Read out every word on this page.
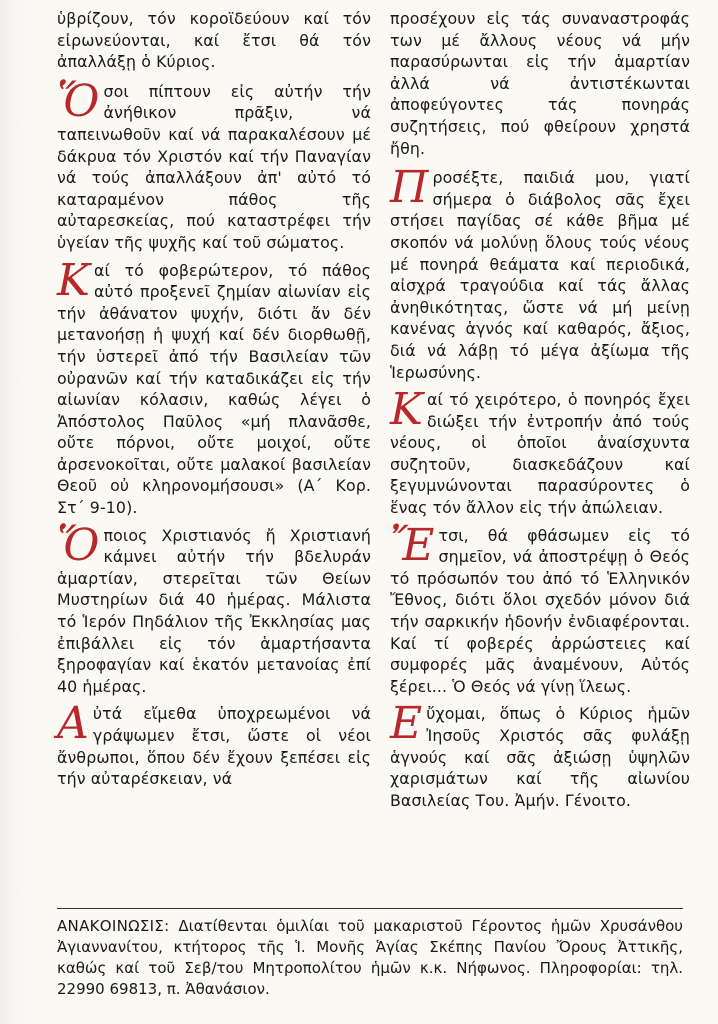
ὑβρίζουν, τόν κοροϊδεύουν καί τόν εἰρωνεύονται, καί ἔτσι θά τόν ἀπαλλάξῃ ὁ Κύριος.

Ὅ σοι πίπτουν εἰς αὐτήν τήν ἀνήθικον πρᾶξιν, νά ταπεινωθοῦν καί νά παρακαλέσουν μέ δάκρυα τόν Χριστόν καί τήν Παναγίαν νά τούς ἀπαλλάξουν ἀπ' αὐτό τό καταραμένον πάθος τῆς αὐταρεσκείας, πού καταστρέφει τήν ὑγείαν τῆς ψυχῆς καί τοῦ σώματος.

Κ αί τό φοβερώτερον, τό πάθος αὐτό προξενεῖ ζημίαν αἰωνίαν εἰς τήν ἀθάνατον ψυχήν, διότι ἄν δέν μετανοήσῃ ἡ ψυχή καί δέν διορθωθῇ, τήν ὑστερεῖ ἀπό τήν Βασιλείαν τῶν οὐρανῶν καί τήν καταδικάζει εἰς τήν αἰωνίαν κόλασιν, καθώς λέγει ὁ Ἀπόστολος Παῦλος «μή πλανᾶσθε, οὔτε πόρνοι, οὔτε μοιχοί, οὔτε ἀρσενοκοῖται, οὔτε μαλακοί βασιλείαν Θεοῦ οὐ κληρονομήσουσι» (Α΄ Κορ. Στ΄ 9-10).

Ὅ ποιος Χριστιανός ἤ Χριστιανή κάμνει αὐτήν τήν βδελυράν ἁμαρτίαν, στερεῖται τῶν Θείων Μυστηρίων διά 40 ἡμέρας. Μάλιστα τό Ἱερόν Πηδάλιον τῆς Ἐκκλησίας μας ἐπιβάλλει εἰς τόν ἁμαρτήσαντα ξηροφαγίαν καί ἑκατόν μετανοίας ἐπί 40 ἡμέρας.

Α ὐτά εἴμεθα ὑποχρεωμένοι νά γράψωμεν ἔτσι, ὥστε οἱ νέοι ἄνθρωποι, ὅπου δέν ἔχουν ξεπέσει εἰς τήν αὐταρέσκειαν, νά

προσέχουν εἰς τάς συναναστροφάς των μέ ἄλλους νέους νά μήν παρασύρωνται εἰς τήν ἁμαρτίαν ἀλλά νά ἀντιστέκωνται ἀποφεύγοντες τάς πονηράς συζητήσεις, πού φθείρουν χρηστά ἤθη.

Π ροσέξτε, παιδιά μου, γιατί σήμερα ὁ διάβολος σᾶς ἔχει στήσει παγίδας σέ κάθε βῆμα μέ σκοπόν νά μολύνῃ ὅλους τούς νέους μέ πονηρά θεάματα καί περιοδικά, αἰσχρά τραγούδια καί τάς ἄλλας ἀνηθικότητας, ὥστε νά μή μείνῃ κανένας ἁγνός καί καθαρός, ἄξιος, διά νά λάβῃ τό μέγα ἀξίωμα τῆς Ἱερωσύνης.

Κ αί τό χειρότερο, ὁ πονηρός ἔχει διώξει τήν ἐντροπήν ἀπό τούς νέους, οἱ ὁποῖοι ἀναίσχυντα συζητοῦν, διασκεδάζουν καί ξεγυμνώνονται παρασύροντες ὁ ἕνας τόν ἄλλον εἰς τήν ἀπώλειαν.

Ἔ τσι, θά φθάσωμεν εἰς τό σημεῖον, νά ἀποστρέψῃ ὁ Θεός τό πρόσωπόν του ἀπό τό Ἑλληνικόν Ἔθνος, διότι ὅλοι σχεδόν μόνον διά τήν σαρκικήν ἡδονήν ἐνδιαφέρονται. Καί τί φοβερές ἀρρώστειες καί συμφορές μᾶς ἀναμένουν, Αὐτός ξέρει... Ὁ Θεός νά γίνῃ ἵλεως.

Ε ὔχομαι, ὅπως ὁ Κύριος ἡμῶν Ἰησοῦς Χριστός σᾶς φυλάξῃ ἁγνούς καί σᾶς ἀξιώσῃ ὑψηλῶν χαρισμάτων καί τῆς αἰωνίου Βασιλείας Του. Ἀμήν. Γένοιτο.

ΑΝΑΚΟΙΝΩΣΙΣ: Διατίθενται ὁμιλίαι τοῦ μακαριστοῦ Γέροντος ἡμῶν Χρυσάνθου Ἀγιαννανίτου, κτήτορος τῆς Ἱ. Μονῆς Ἁγίας Σκέπης Πανίου Ὄρους Ἀττικῆς, καθώς καί τοῦ Σεβ/του Μητροπολίτου ἡμῶν κ.κ. Νήφωνος. Πληροφορίαι: τηλ. 22990 69813, π. Ἀθανάσιον.
